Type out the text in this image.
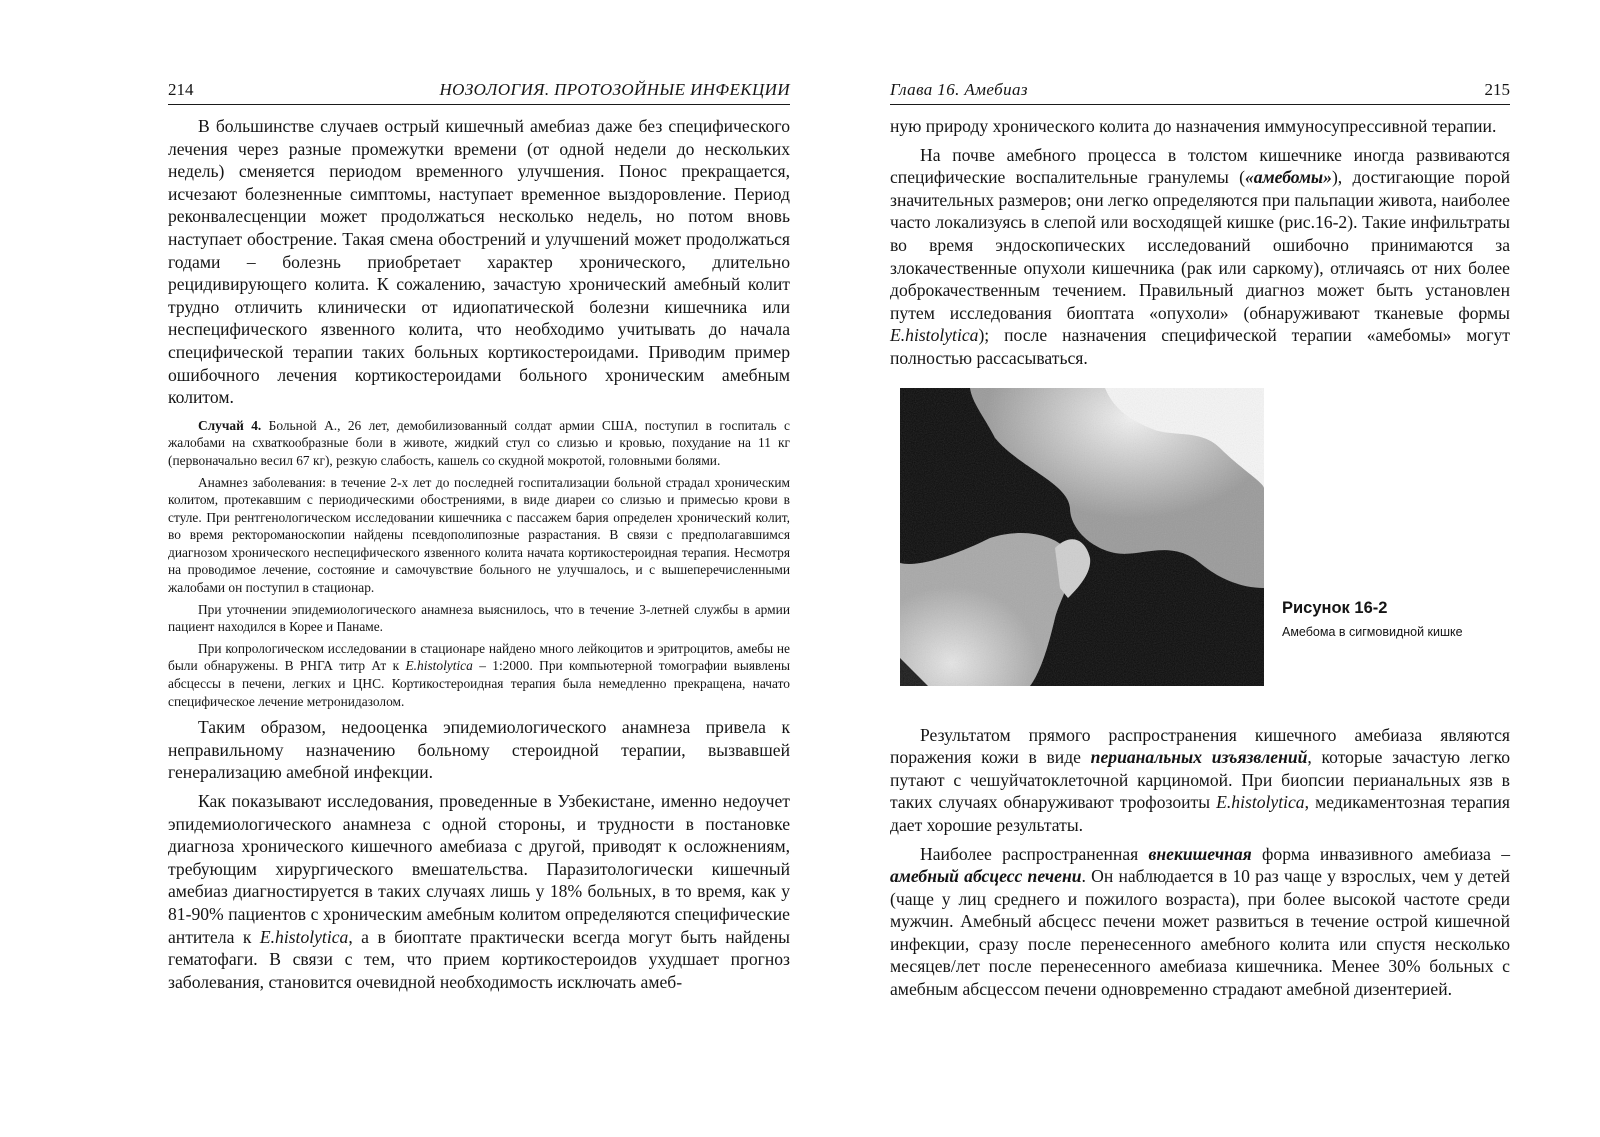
214	НОЗОЛОГИЯ. ПРОТОЗОЙНЫЕ ИНФЕКЦИИ

В большинстве случаев острый кишечный амебиаз даже без специфического лечения через разные промежутки времени (от одной недели до нескольких недель) сменяется периодом временного улучшения. Понос прекращается, исчезают болезненные симптомы, наступает временное выздоровление. Период реконвалесценции может продолжаться несколько недель, но потом вновь наступает обострение. Такая смена обострений и улучшений может продолжаться годами – болезнь приобретает характер хронического, длительно рецидивирующего колита. К сожалению, зачастую хронический амебный колит трудно отличить клинически от идиопатической болезни кишечника или неспецифического язвенного колита, что необходимо учитывать до начала специфической терапии таких больных кортикостероидами. Приводим пример ошибочного лечения кортикостероидами больного хроническим амебным колитом.

Случай 4. Больной А., 26 лет, демобилизованный солдат армии США, поступил в госпиталь с жалобами на схваткообразные боли в животе, жидкий стул со слизью и кровью, похудание на 11 кг (первоначально весил 67 кг), резкую слабость, кашель со скудной мокротой, головными болями.

Анамнез заболевания: в течение 2-х лет до последней госпитализации больной страдал хроническим колитом, протекавшим с периодическими обострениями, в виде диареи со слизью и примесью крови в стуле. При рентгенологическом исследовании кишечника с пассажем бария определен хронический колит, во время ректороманоскопии найдены псевдополипозные разрастания. В связи с предполагавшимся диагнозом хронического неспецифического язвенного колита начата кортикостероидная терапия. Несмотря на проводимое лечение, состояние и самочувствие больного не улучшалось, и с вышеперечисленными жалобами он поступил в стационар.

При уточнении эпидемиологического анамнеза выяснилось, что в течение 3-летней службы в армии пациент находился в Корее и Панаме.

При копрологическом исследовании в стационаре найдено много лейкоцитов и эритроцитов, амебы не были обнаружены. В РНГА титр Ат к E.histolytica – 1:2000. При компьютерной томографии выявлены абсцессы в печени, легких и ЦНС. Кортикостероидная терапия была немедленно прекращена, начато специфическое лечение метронидазолом.

Таким образом, недооценка эпидемиологического анамнеза привела к неправильному назначению больному стероидной терапии, вызвавшей генерализацию амебной инфекции.

Как показывают исследования, проведенные в Узбекистане, именно недоучет эпидемиологического анамнеза с одной стороны, и трудности в постановке диагноза хронического кишечного амебиаза с другой, приводят к осложнениям, требующим хирургического вмешательства. Паразитологически кишечный амебиаз диагностируется в таких случаях лишь у 18% больных, в то время, как у 81-90% пациентов с хроническим амебным колитом определяются специфические антитела к E.histolytica, а в биоптате практически всегда могут быть найдены гематофаги. В связи с тем, что прием кортикостероидов ухудшает прогноз заболевания, становится очевидной необходимость исключать амеб-

Глава 16. Амебиаз	215

ную природу хронического колита до назначения иммуносупрессивной терапии.

На почве амебного процесса в толстом кишечнике иногда развиваются специфические воспалительные гранулемы («амебомы»), достигающие порой значительных размеров; они легко определяются при пальпации живота, наиболее часто локализуясь в слепой или восходящей кишке (рис.16-2). Такие инфильтраты во время эндоскопических исследований ошибочно принимаются за злокачественные опухоли кишечника (рак или саркому), отличаясь от них более доброкачественным течением. Правильный диагноз может быть установлен путем исследования биоптата «опухоли» (обнаруживают тканевые формы E.histolytica); после назначения специфической терапии «амебомы» могут полностью рассасываться.

Рисунок 16-2
Амебома в сигмовидной кишке

Результатом прямого распространения кишечного амебиаза являются поражения кожи в виде перианальных изъязвлений, которые зачастую легко путают с чешуйчатоклеточной карциномой. При биопсии перианальных язв в таких случаях обнаруживают трофозоиты E.histolytica, медикаментозная терапия дает хорошие результаты.

Наиболее распространенная внекишечная форма инвазивного амебиаза – амебный абсцесс печени. Он наблюдается в 10 раз чаще у взрослых, чем у детей (чаще у лиц среднего и пожилого возраста), при более высокой частоте среди мужчин. Амебный абсцесс печени может развиться в течение острой кишечной инфекции, сразу после перенесенного амебного колита или спустя несколько месяцев/лет после перенесенного амебиаза кишечника. Менее 30% больных с амебным абсцессом печени одновременно страдают амебной дизентерией.
